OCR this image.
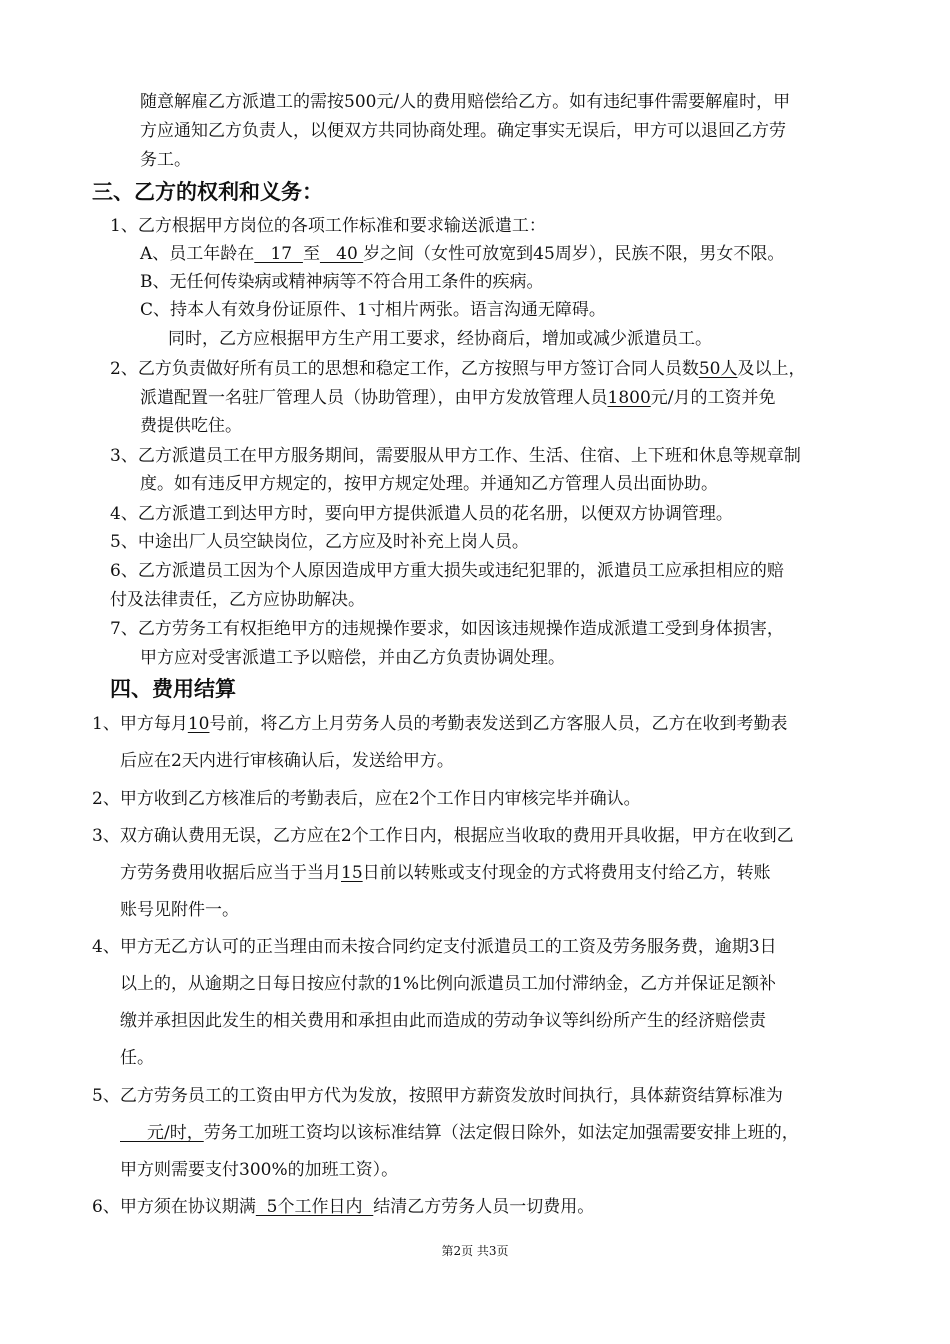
随意解雇乙方派遣工的需按500元/人的费用赔偿给乙方。如有违纪事件需要解雇时，甲
方应通知乙方负责人，以便双方共同协商处理。确定事实无误后，甲方可以退回乙方劳
务工。
三、乙方的权利和义务：
1、乙方根据甲方岗位的各项工作标准和要求输送派遣工：
A、员工年龄在   17  至   40 岁之间（女性可放宽到45周岁），民族不限，男女不限。
B、无任何传染病或精神病等不符合用工条件的疾病。
C、持本人有效身份证原件、1寸相片两张。语言沟通无障碍。
同时，乙方应根据甲方生产用工要求，经协商后，增加或减少派遣员工。
2、乙方负责做好所有员工的思想和稳定工作，乙方按照与甲方签订合同人员数50人及以上，
派遣配置一名驻厂管理人员（协助管理），由甲方发放管理人员1800元/月的工资并免
费提供吃住。
3、乙方派遣员工在甲方服务期间，需要服从甲方工作、生活、住宿、上下班和休息等规章制
度。如有违反甲方规定的，按甲方规定处理。并通知乙方管理人员出面协助。
4、乙方派遣工到达甲方时，要向甲方提供派遣人员的花名册，以便双方协调管理。
5、中途出厂人员空缺岗位，乙方应及时补充上岗人员。
6、乙方派遣员工因为个人原因造成甲方重大损失或违纪犯罪的，派遣员工应承担相应的赔
付及法律责任，乙方应协助解决。
7、乙方劳务工有权拒绝甲方的违规操作要求，如因该违规操作造成派遣工受到身体损害，
甲方应对受害派遣工予以赔偿，并由乙方负责协调处理。
四、费用结算
1、甲方每月10号前，将乙方上月劳务人员的考勤表发送到乙方客服人员，乙方在收到考勤表
后应在2天内进行审核确认后，发送给甲方。
2、甲方收到乙方核准后的考勤表后，应在2个工作日内审核完毕并确认。
3、双方确认费用无误，乙方应在2个工作日内，根据应当收取的费用开具收据，甲方在收到乙
方劳务费用收据后应当于当月15日前以转账或支付现金的方式将费用支付给乙方，转账
账号见附件一。
4、甲方无乙方认可的正当理由而未按合同约定支付派遣员工的工资及劳务服务费，逾期3日
以上的，从逾期之日每日按应付款的1%比例向派遣员工加付滞纳金，乙方并保证足额补
缴并承担因此发生的相关费用和承担由此而造成的劳动争议等纠纷所产生的经济赔偿责
任。
5、乙方劳务员工的工资由甲方代为发放，按照甲方薪资发放时间执行，具体薪资结算标准为
元/时，劳务工加班工资均以该标准结算（法定假日除外，如法定加强需要安排上班的，
甲方则需要支付300%的加班工资）。
6、甲方须在协议期满  5个工作日内  结清乙方劳务人员一切费用。
第2页 共3页
